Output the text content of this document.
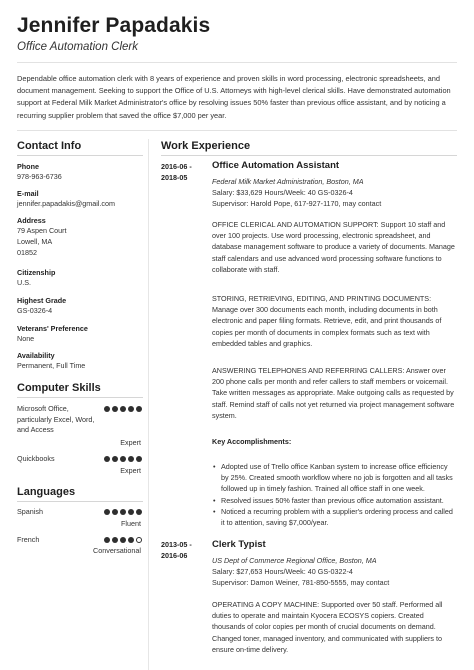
Jennifer Papadakis
Office Automation Clerk
Dependable office automation clerk with 8 years of experience and proven skills in word processing, electronic spreadsheets, and document management. Seeking to support the Office of U.S. Attorneys with high-level clerical skills. Have demonstrated automation support at Federal Milk Market Administrator's office by resolving issues 50% faster than previous office assistant, and by noticing a recurring supplier problem that saved the office $7,000 per year.
Contact Info
Phone
978-963-6736
E-mail
jennifer.papadakis@gmail.com
Address
79 Aspen Court
Lowell, MA
01852
Citizenship
U.S.
Highest Grade
GS-0326-4
Veterans' Preference
None
Availability
Permanent, Full Time
Computer Skills
Microsoft Office, particularly Excel, Word, and Access
Expert
Quickbooks
Expert
Languages
Spanish
Fluent
French
Conversational
Work Experience
2016-06 -
2018-05
Office Automation Assistant
Federal Milk Market Administration, Boston, MA
Salary: $33,629 Hours/Week: 40 GS-0326-4
Supervisor: Harold Pope, 617-927-1170, may contact
OFFICE CLERICAL AND AUTOMATION SUPPORT: Support 10 staff and over 100 projects. Use word processing, electronic spreadsheet, and database management software to produce a variety of documents. Manage staff calendars and use advanced word processing software functions to collaborate with staff.
STORING, RETRIEVING, EDITING, AND PRINTING DOCUMENTS: Manage over 300 documents each month, including documents in both electronic and paper filing formats. Retrieve, edit, and print thousands of copies per month of documents in complex formats such as text with embedded tables and graphics.
ANSWERING TELEPHONES AND REFERRING CALLERS: Answer over 200 phone calls per month and refer callers to staff members or voicemail. Take written messages as appropriate. Make outgoing calls as requested by staff. Remind staff of calls not yet returned via project management software system.
Key Accomplishments:
• Adopted use of Trello office Kanban system to increase office efficiency by 25%. Created smooth workflow where no job is forgotten and all tasks followed up in timely fashion. Trained all office staff in one week.
• Resolved issues 50% faster than previous office automation assistant.
• Noticed a recurring problem with a supplier's ordering process and called it to attention, saving $7,000/year.
2013-05 -
2016-06
Clerk Typist
US Dept of Commerce Regional Office, Boston, MA
Salary: $27,653 Hours/Week: 40 GS-0322-4
Supervisor: Damon Weiner, 781-850-5555, may contact
OPERATING A COPY MACHINE: Supported over 50 staff. Performed all duties to operate and maintain Kyocera ECOSYS copiers. Created thousands of color copies per month of crucial documents on demand. Changed toner, managed inventory, and communicated with suppliers to ensure on-time delivery.
